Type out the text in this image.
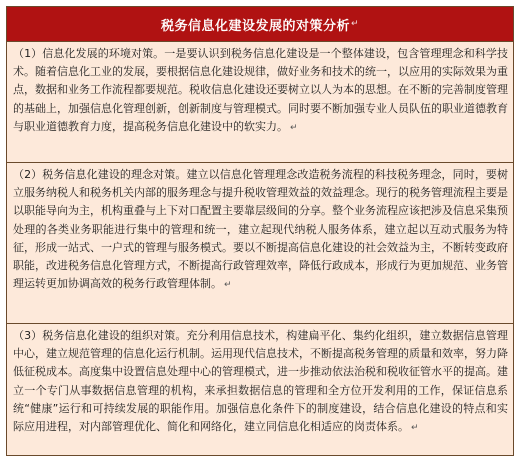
税务信息化建设发展的对策分析 ↵
（1）信息化发展的环境对策。一是要认识到税务信息化建设是一个整体建设，包含管理理念和科学技术。随着信息化工业的发展，要根据信息化建设规律，做好业务和技术的统一，以应用的实际效果为重点，数据和业务工作流程都要规范。税收信息化建设还要树立以人为本的思想。在不断的完善制度管理的基础上，加强信息化管理创新，创新制度与管理模式。同时要不断加强专业人员队伍的职业道德教育与职业道德教育力度，提高税务信息化建设中的软实力。 ↵
（2）税务信息化建设的理念对策。建立以信息化管理理念改造税务流程的科技税务理念，同时，要树立服务纳税人和税务机关内部的服务理念与提升税收管理效益的效益理念。现行的税务管理流程主要是以职能导向为主，机构重叠与上下对口配置主要靠层级间的分享。整个业务流程应该把涉及信息采集预处理的各类业务职能进行集中的管理和统一，建立起现代纳税人服务体系，建立起以互动式服务为特征，形成一站式、一户式的管理与服务模式。要以不断提高信息化建设的社会效益为主，不断转变政府职能，改进税务信息化管理方式，不断提高行政管理效率，降低行政成本，形成行为更加规范、业务管理运转更加协调高效的税务行政管理体制。 ↵
（3）税务信息化建设的组织对策。充分利用信息技术，构建扁平化、集约化组织，建立数据信息管理中心，建立规范管理的信息化运行机制。运用现代信息技术，不断提高税务管理的质量和效率，努力降低征税成本。高度集中设置信息处理中心的管理模式，进一步推动依法治税和税收征管水平的提高。建立一个专门从事数据信息管理的机构，来承担数据信息的管理和全方位开发利用的工作，保证信息系统“健康”运行和可持续发展的职能作用。加强信息化条件下的制度建设，结合信息化建设的特点和实际应用进程，对内部管理优化、简化和网络化，建立同信息化相适应的岗责体系。 ↵
